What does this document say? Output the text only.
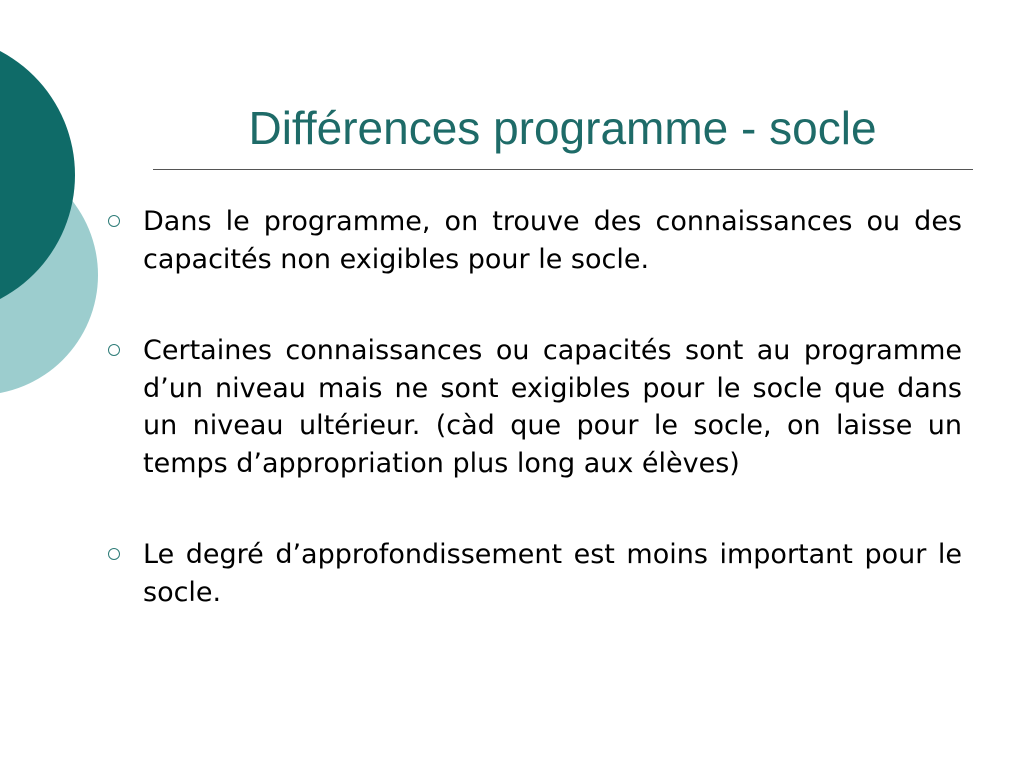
Différences programme - socle
Dans le programme, on trouve des connaissances ou des capacités non exigibles pour le socle.
Certaines connaissances ou capacités sont au programme d’un niveau mais ne sont exigibles pour le socle que dans un niveau ultérieur. (càd que pour le socle, on laisse un temps d’appropriation plus long aux élèves)
Le degré d’approfondissement est moins important pour le socle.
